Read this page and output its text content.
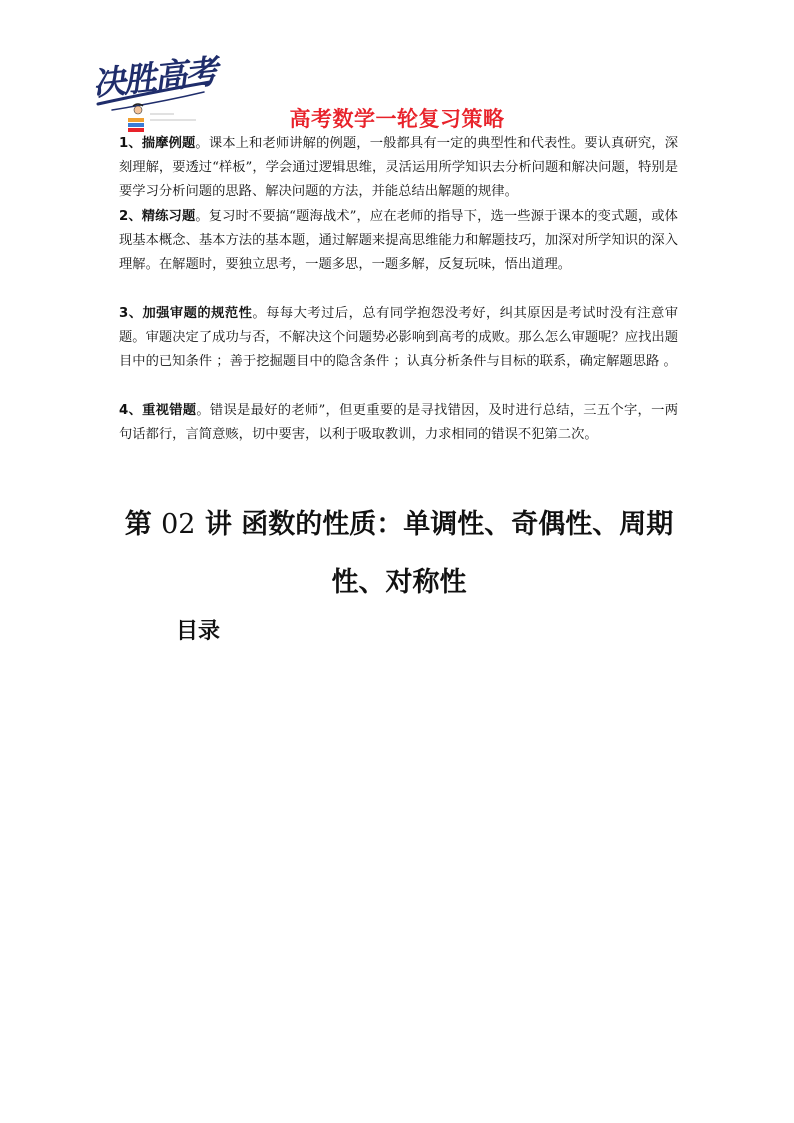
决胜高考
高考数学一轮复习策略

1、揣摩例题。课本上和老师讲解的例题，一般都具有一定的典型性和代表性。要认真研究，深刻理解，要透过“样板”，学会通过逻辑思维，灵活运用所学知识去分析问题和解决问题，特别是要学习分析问题的思路、解决问题的方法，并能总结出解题的规律。

2、精练习题。复习时不要搞“题海战术”，应在老师的指导下，选一些源于课本的变式题，或体现基本概念、基本方法的基本题，通过解题来提高思维能力和解题技巧，加深对所学知识的深入理解。在解题时，要独立思考，一题多思，一题多解，反复玩味，悟出道理。

3、加强审题的规范性。每每大考过后，总有同学抱怨没考好，纠其原因是考试时没有注意审题。审题决定了成功与否，不解决这个问题势必影响到高考的成败。那么怎么审题呢？应找出题目中的已知条件 ；善于挖掘题目中的隐含条件 ；认真分析条件与目标的联系，确定解题思路 。

4、重视错题。错误是最好的老师”，但更重要的是寻找错因，及时进行总结，三五个字，一两句话都行，言简意赅，切中要害，以利于吸取教训，力求相同的错误不犯第二次。

第 02 讲 函数的性质：单调性、奇偶性、周期性、对称性
目录
